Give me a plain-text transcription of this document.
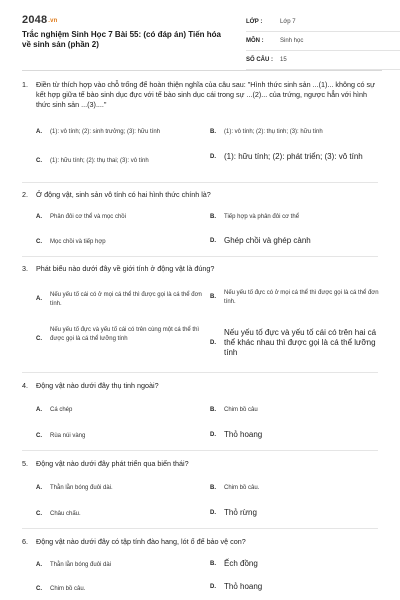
2048.vn
Trắc nghiệm Sinh Học 7 Bài 55: (có đáp án) Tiến hóa về sinh sản (phần 2)
LỚP :	Lớp 7
MÔN :	Sinh học
SỐ CÂU : 15
1.	Điền từ thích hợp vào chỗ trống để hoàn thiện nghĩa của câu sau: "Hình thức sinh sản ...(1)... không có sự kết hợp giữa tế bào sinh dục đực với tế bào sinh dục cái trong sự ...(2)... của trứng, ngược hẳn với hình thức sinh sản ...(3)...."
A. (1): vô tính; (2): sinh trưởng; (3): hữu tính	B. (1): vô tính; (2): thụ tinh; (3): hữu tính
C. (1): hữu tính; (2): thụ thai; (3): vô tính
D. (1): hữu tính; (2): phát triển; (3): vô tính
2.	Ở động vật, sinh sản vô tính có hai hình thức chính là?
A. Phân đôi cơ thể và mọc chồi	B. Tiếp hợp và phân đôi cơ thể
C. Mọc chồi và tiếp hợp	D. Ghép chồi và ghép cành
3.	Phát biểu nào dưới đây về giới tính ở động vật là đúng?
A.
Nếu yếu tố cái có ở mọi cá thể thì được gọi là cá thể đơn tính.
B.
Nếu yếu tố đực có ở mọi cá thể thì được gọi là cá thể đơn tính.
C.
Nếu yếu tố đực và yếu tố cái có trên cùng một cá thể thì được gọi là cá thể lưỡng tính
D.
Nếu yếu tố đực và yếu tố cái có trên hai cá thể khác nhau thì được gọi là cá thể lưỡng tính
4.	Động vật nào dưới đây thụ tinh ngoài?
A. Cá chép	B. Chim bồ câu
C. Rùa núi vàng	D. Thỏ hoang
5.	Động vật nào dưới đây phát triển qua biến thái?
A. Thằn lằn bóng đuôi dài.	B. Chim bồ câu.
C. Châu chấu.	D. Thỏ rừng
6.	Động vật nào dưới đây có tập tính đào hang, lót ổ để bảo vệ con?
A. Thằn lằn bóng đuôi dài	B. Ếch đồng
C. Chim bồ câu.	D. Thỏ hoang
